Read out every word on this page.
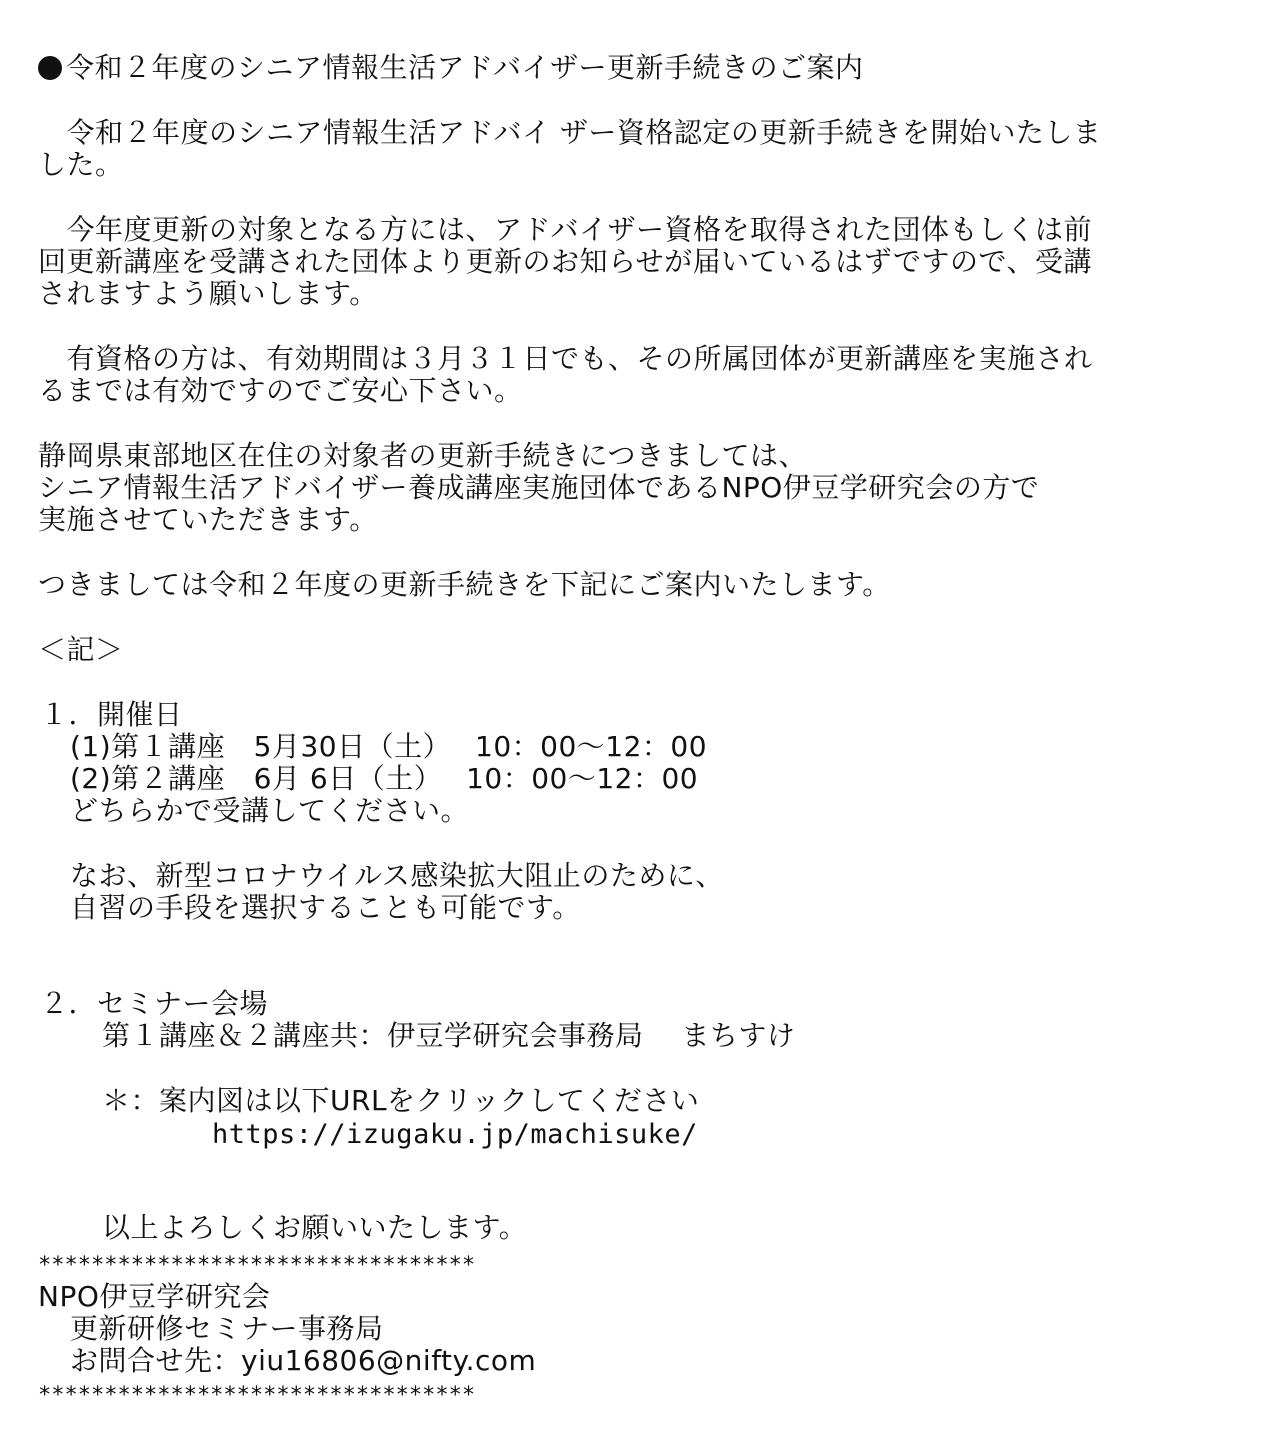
令和２年度のシニア情報生活アドバイザー更新手続きのご案内
　令和２年度のシニア情報生活アドバイ ザー資格認定の更新手続きを開始いたしま
した。
　今年度更新の対象となる方には、アドバイザー資格を取得された団体もしくは前
回更新講座を受講された団体より更新のお知らせが届いているはずですので、受講
されますよう願いします。
　有資格の方は、有効期間は３月３１日でも、その所属団体が更新講座を実施され
るまでは有効ですのでご安心下さい。
静岡県東部地区在住の対象者の更新手続きにつきましては、
シニア情報生活アドバイザー養成講座実施団体であるNPO伊豆学研究会の方で
実施させていただきます。
つきましては令和２年度の更新手続きを下記にご案内いたします。
＜記＞
１．開催日
(1)第１講座　5月30日（土）　 10：00～12：00
(2)第２講座　6月 6日（土）　 10：00～12：00
どちらかで受講してください。
なお、新型コロナウイルス感染拡大阻止のために、
自習の手段を選択することも可能です。
２．セミナー会場
第１講座＆２講座共：伊豆学研究会事務局　 まちすけ
＊：案内図は以下URLをクリックしてください
https://izugaku.jp/machisuke/
以上よろしくお願いいたします。
*********************************
NPO伊豆学研究会
更新研修セミナー事務局
お問合せ先：yiu16806@nifty.com
*********************************
